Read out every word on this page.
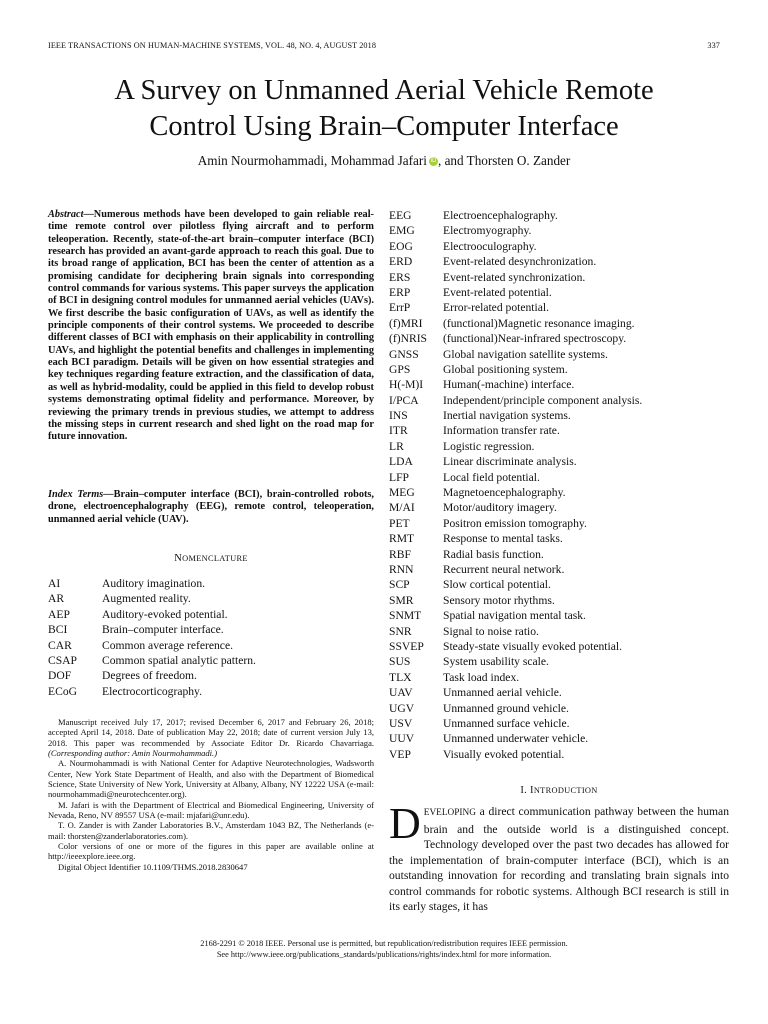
IEEE TRANSACTIONS ON HUMAN-MACHINE SYSTEMS, VOL. 48, NO. 4, AUGUST 2018	337
A Survey on Unmanned Aerial Vehicle Remote
Control Using Brain–Computer Interface
Amin Nourmohammadi, Mohammad Jafari iD , and Thorsten O. Zander
Abstract—Numerous methods have been developed to gain reliable real-time remote control over pilotless flying aircraft and to perform teleoperation. Recently, state-of-the-art brain–computer interface (BCI) research has provided an avant-garde approach to reach this goal. Due to its broad range of application, BCI has been the center of attention as a promising candidate for deciphering brain signals into corresponding control commands for various systems. This paper surveys the application of BCI in designing control modules for unmanned aerial vehicles (UAVs). We first describe the basic configuration of UAVs, as well as identify the principle components of their control systems. We proceeded to describe different classes of BCI with emphasis on their applicability in controlling UAVs, and highlight the potential benefits and challenges in implementing each BCI paradigm. Details will be given on how essential strategies and key techniques regarding feature extraction, and the classification of data, as well as hybrid-modality, could be applied in this field to develop robust systems demonstrating optimal fidelity and performance. Moreover, by reviewing the primary trends in previous studies, we attempt to address the missing steps in current research and shed light on the road map for future innovation.
Index Terms—Brain–computer interface (BCI), brain-controlled robots, drone, electroencephalography (EEG), remote control, teleoperation, unmanned aerial vehicle (UAV).
NOMENCLATURE
AI	Auditory imagination.
AR	Augmented reality.
AEP	Auditory-evoked potential.
BCI	Brain–computer interface.
CAR	Common average reference.
CSAP Common spatial analytic pattern.
DOF	Degrees of freedom.
ECoG Electrocorticography.
EEG	Electroencephalography.
EMG Electromyography.
EOG	Electrooculography.
ERD	Event-related desynchronization.
ERS	Event-related synchronization.
ERP	Event-related potential.
ErrP	Error-related potential.
(f)MRI (functional)Magnetic resonance imaging.
(f)NRIS (functional)Near-infrared spectroscopy.
GNSS Global navigation satellite systems.
GPS	Global positioning system.
H(-M)I Human(-machine) interface.
I/PCA Independent/principle component analysis.
INS	Inertial navigation systems.
ITR	Information transfer rate.
LR	Logistic regression.
LDA	Linear discriminate analysis.
LFP	Local field potential.
MEG Magnetoencephalography.
M/AI Motor/auditory imagery.
PET	Positron emission tomography.
RMT Response to mental tasks.
RBF	Radial basis function.
RNN	Recurrent neural network.
SCP	Slow cortical potential.
SMR	Sensory motor rhythms.
SNMT Spatial navigation mental task.
SNR	Signal to noise ratio.
SSVEP Steady-state visually evoked potential.
SUS	System usability scale.
TLX	Task load index.
UAV	Unmanned aerial vehicle.
UGV Unmanned ground vehicle.
USV	Unmanned surface vehicle.
UUV Unmanned underwater vehicle.
VEP	Visually evoked potential.

Manuscript received July 17, 2017; revised December 6, 2017 and February 26, 2018; accepted April 14, 2018. Date of publication May 22, 2018; date of current version July 13, 2018. This paper was recommended by Associate Editor Dr. Ricardo Chavarriaga. (Corresponding author: Amin Nourmohammadi.)

A. Nourmohammadi is with National Center for Adaptive Neurotechnologies, Wadsworth Center, New York State Department of Health, and also with the Department of Biomedical Science, State University of New York, University at Albany, Albany, NY 12222 USA (e-mail: nourmohammadi@neurotechcenter.org).

M. Jafari is with the Department of Electrical and Biomedical Engineering, University of Nevada, Reno, NV 89557 USA (e-mail: mjafari@unr.edu).

T. O. Zander is with Zander Laboratories B.V., Amsterdam 1043 BZ, The Netherlands (e-mail: thorsten@zanderlaboratories.com).

Color versions of one or more of the figures in this paper are available online at http://ieeexplore.ieee.org.

Digital Object Identifier 10.1109/THMS.2018.2830647

I. INTRODUCTION
DEVELOPING a direct communication pathway between the human brain and the outside world is a distinguished concept. Technology developed over the past two decades has allowed for the implementation of brain-computer interface (BCI), which is an outstanding innovation for recording and translating brain signals into control commands for robotic systems. Although BCI research is still in its early stages, it has
2168-2291 © 2018 IEEE. Personal use is permitted, but republication/redistribution requires IEEE permission.
See http://www.ieee.org/publications_standards/publications/rights/index.html for more information.
